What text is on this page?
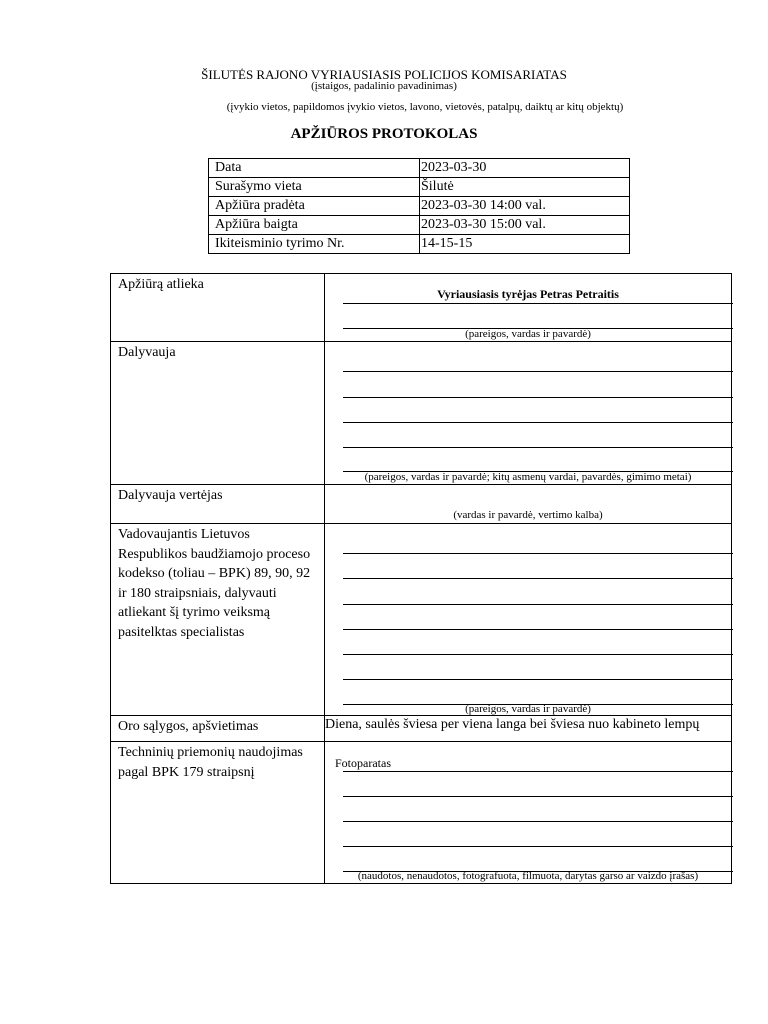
ŠILUTĖS RAJONO VYRIAUSIASIS POLICIJOS KOMISARIATAS
(įstaigos, padalinio pavadinimas)
(įvykio vietos, papildomos įvykio vietos, lavono, vietovės, patalpų, daiktų ar kitų objektų)
APŽIŪROS PROTOKOLAS
Data	2023-03-30
Surašymo vieta	Šilutė
Apžiūra pradėta	2023-03-30 14:00 val.
Apžiūra baigta	2023-03-30 15:00 val.
Ikiteisminio tyrimo Nr.	14-15-15
Apžiūrą atlieka	Vyriausiasis tyrėjas Petras Petraitis
(pareigos, vardas ir pavardė)

Dalyvauja	(pareigos, vardas ir pavardė; kitų asmenų vardai, pavardės, gimimo metai)

Dalyvauja vertėjas	(vardas ir pavardė, vertimo kalba)

Vadovaujantis Lietuvos Respublikos baudžiamojo proceso kodekso (toliau – BPK) 89, 90, 92 ir 180 straipsniais, dalyvauti atliekant šį tyrimo veiksmą pasitelktas specialistas	(pareigos, vardas ir pavardė)

Oro sąlygos, apšvietimas	Diena, saulės šviesa per viena langa bei šviesa nuo kabineto lempų

Techninių priemonių naudojimas pagal BPK 179 straipsnį	Fotoparatas
(naudotos, nenaudotos, fotografuota, filmuota, darytas garso ar vaizdo įrašas)
